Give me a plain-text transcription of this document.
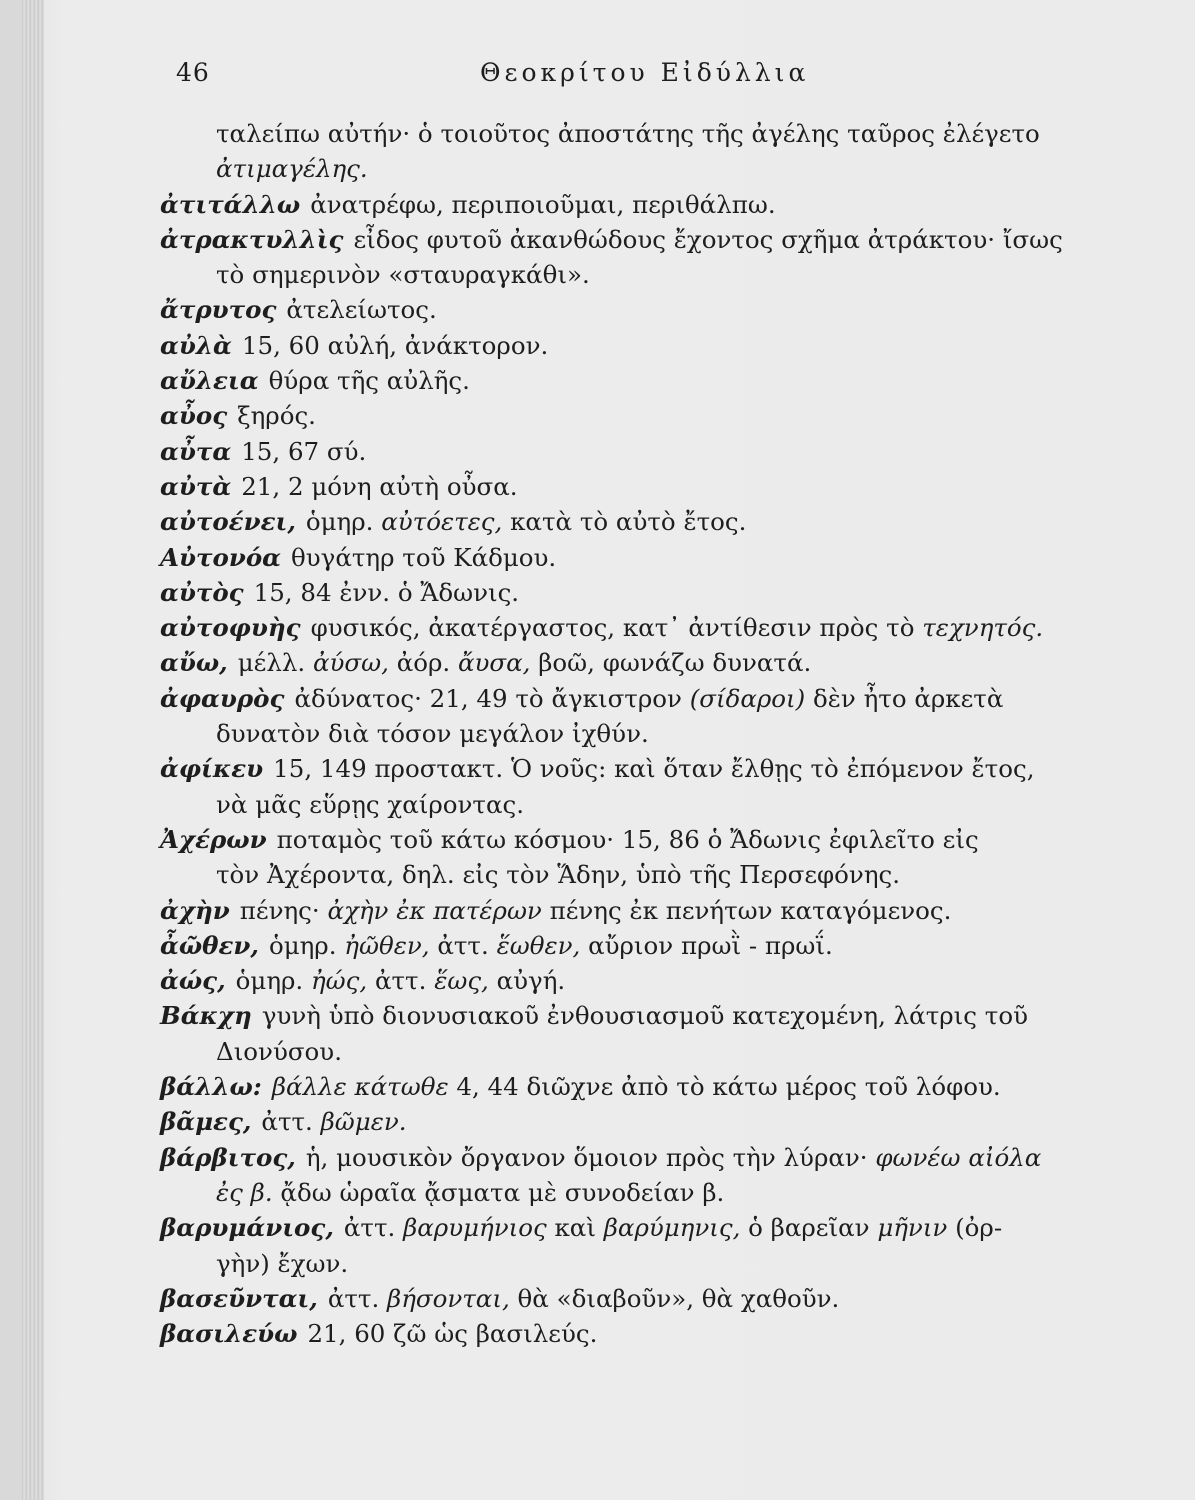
46	Θεοκρίτου Εἰδύλλια
ταλείπω αὐτήν· ὁ τοιοῦτος ἀποστάτης τῆς ἀγέλης ταῦρος ἐλέγετο
ἀτιμαγέλης.
ἀτιτάλλω ἀνατρέφω, περιποιοῦμαι, περιθάλπω.
ἀτρακτυλλὶς εἶδος φυτοῦ ἀκανθώδους ἔχοντος σχῆμα ἀτράκτου· ἴσως
τὸ σημερινὸν «σταυραγκάθι».
ἄτρυτος ἀτελείωτος.
αὐλὰ 15, 60 αὐλή, ἀνάκτορον.
αὔλεια θύρα τῆς αὐλῆς.
αὖος ξηρός.
αὖτα 15, 67 σύ.
αὐτὰ 21, 2 μόνη αὐτὴ οὖσα.
αὐτοένει, ὁμηρ. αὐτόετες, κατὰ τὸ αὐτὸ ἔτος.
Αὐτονόα θυγάτηρ τοῦ Κάδμου.
αὐτὸς 15, 84 ἐνν. ὁ Ἄδωνις.
αὐτοφυὴς φυσικός, ἀκατέργαστος, κατ᾽ ἀντίθεσιν πρὸς τὸ τεχνητός.
αὔω, μέλλ. ἀύσω, ἀόρ. ἄυσα, βοῶ, φωνάζω δυνατά.
ἀφαυρὸς ἀδύνατος· 21, 49 τὸ ἄγκιστρον (σίδαροι) δὲν ἦτο ἀρκετὰ
δυνατὸν διὰ τόσον μεγάλον ἰχθύν.
ἀφίκευ 15, 149 προστακτ. Ὁ νοῦς: καὶ ὅταν ἔλθῃς τὸ ἐπόμενον ἔτος,
νὰ μᾶς εὕρῃς χαίροντας.
Ἀχέρων ποταμὸς τοῦ κάτω κόσμου· 15, 86 ὁ Ἄδωνις ἐφιλεῖτο εἰς
τὸν Ἀχέροντα, δηλ. εἰς τὸν Ἅδην, ὑπὸ τῆς Περσεφόνης.
ἀχὴν πένης· ἀχὴν ἐκ πατέρων πένης ἐκ πενήτων καταγόμενος.
ἆῶθεν, ὁμηρ. ἠῶθεν, ἀττ. ἕωθεν, αὔριον πρωῒ - πρωΐ.
ἀώς, ὁμηρ. ἠώς, ἀττ. ἕως, αὐγή.
Βάκχη γυνὴ ὑπὸ διονυσιακοῦ ἐνθουσιασμοῦ κατεχομένη, λάτρις τοῦ
Διονύσου.
βάλλω: βάλλε κάτωθε 4, 44 διῶχνε ἀπὸ τὸ κάτω μέρος τοῦ λόφου.
βᾶμες, ἀττ. βῶμεν.
βάρβιτος, ἡ, μουσικὸν ὄργανον ὅμοιον πρὸς τὴν λύραν· φωνέω αἰόλα
ἐς β. ᾄδω ὡραῖα ᾄσματα μὲ συνοδείαν β.
βαρυμάνιος, ἀττ. βαρυμήνιος καὶ βαρύμηνις, ὁ βαρεῖαν μῆνιν (ὀρ-
γὴν) ἔχων.
βασεῦνται, ἀττ. βήσονται, θὰ «διαβοῦν», θὰ χαθοῦν.
βασιλεύω 21, 60 ζῶ ὡς βασιλεύς.
